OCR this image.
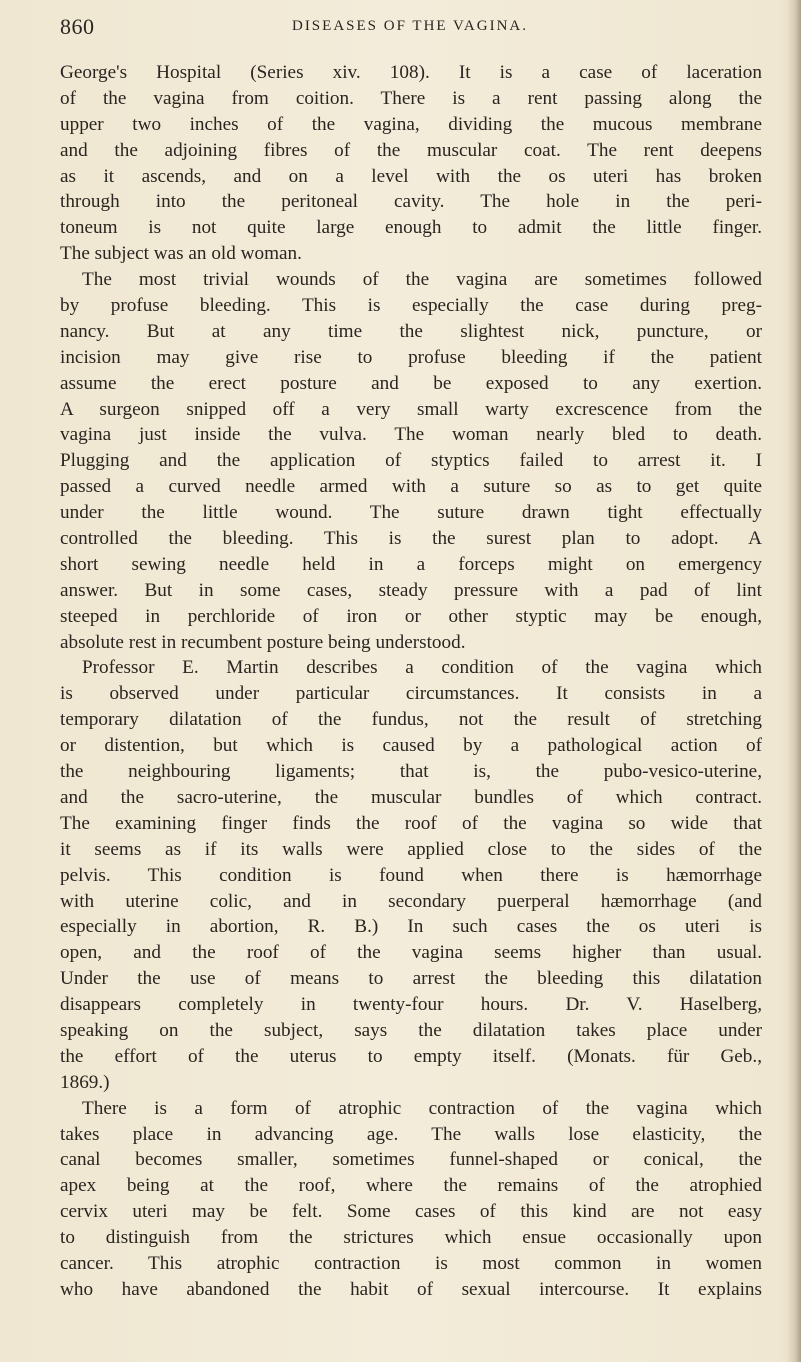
860	DISEASES OF THE VAGINA.
George's Hospital (Series xiv. 108). It is a case of laceration
of the vagina from coition. There is a rent passing along the
upper two inches of the vagina, dividing the mucous membrane
and the adjoining fibres of the muscular coat. The rent deepens
as it ascends, and on a level with the os uteri has broken
through into the peritoneal cavity. The hole in the peri-
toneum is not quite large enough to admit the little finger.
The subject was an old woman.
The most trivial wounds of the vagina are sometimes followed
by profuse bleeding. This is especially the case during preg-
nancy. But at any time the slightest nick, puncture, or
incision may give rise to profuse bleeding if the patient
assume the erect posture and be exposed to any exertion.
A surgeon snipped off a very small warty excrescence from the
vagina just inside the vulva. The woman nearly bled to death.
Plugging and the application of styptics failed to arrest it. I
passed a curved needle armed with a suture so as to get quite
under the little wound. The suture drawn tight effectually
controlled the bleeding. This is the surest plan to adopt. A
short sewing needle held in a forceps might on emergency
answer. But in some cases, steady pressure with a pad of lint
steeped in perchloride of iron or other styptic may be enough,
absolute rest in recumbent posture being understood.
Professor E. Martin describes a condition of the vagina which
is observed under particular circumstances. It consists in a
temporary dilatation of the fundus, not the result of stretching
or distention, but which is caused by a pathological action of
the neighbouring ligaments; that is, the pubo-vesico-uterine,
and the sacro-uterine, the muscular bundles of which contract.
The examining finger finds the roof of the vagina so wide that
it seems as if its walls were applied close to the sides of the
pelvis. This condition is found when there is hæmorrhage
with uterine colic, and in secondary puerperal hæmorrhage (and
especially in abortion, R. B.) In such cases the os uteri is
open, and the roof of the vagina seems higher than usual.
Under the use of means to arrest the bleeding this dilatation
disappears completely in twenty-four hours. Dr. V. Haselberg,
speaking on the subject, says the dilatation takes place under
the effort of the uterus to empty itself. (Monats. für Geb.,
1869.)
There is a form of atrophic contraction of the vagina which
takes place in advancing age. The walls lose elasticity, the
canal becomes smaller, sometimes funnel-shaped or conical, the
apex being at the roof, where the remains of the atrophied
cervix uteri may be felt. Some cases of this kind are not easy
to distinguish from the strictures which ensue occasionally upon
cancer. This atrophic contraction is most common in women
who have abandoned the habit of sexual intercourse. It explains
